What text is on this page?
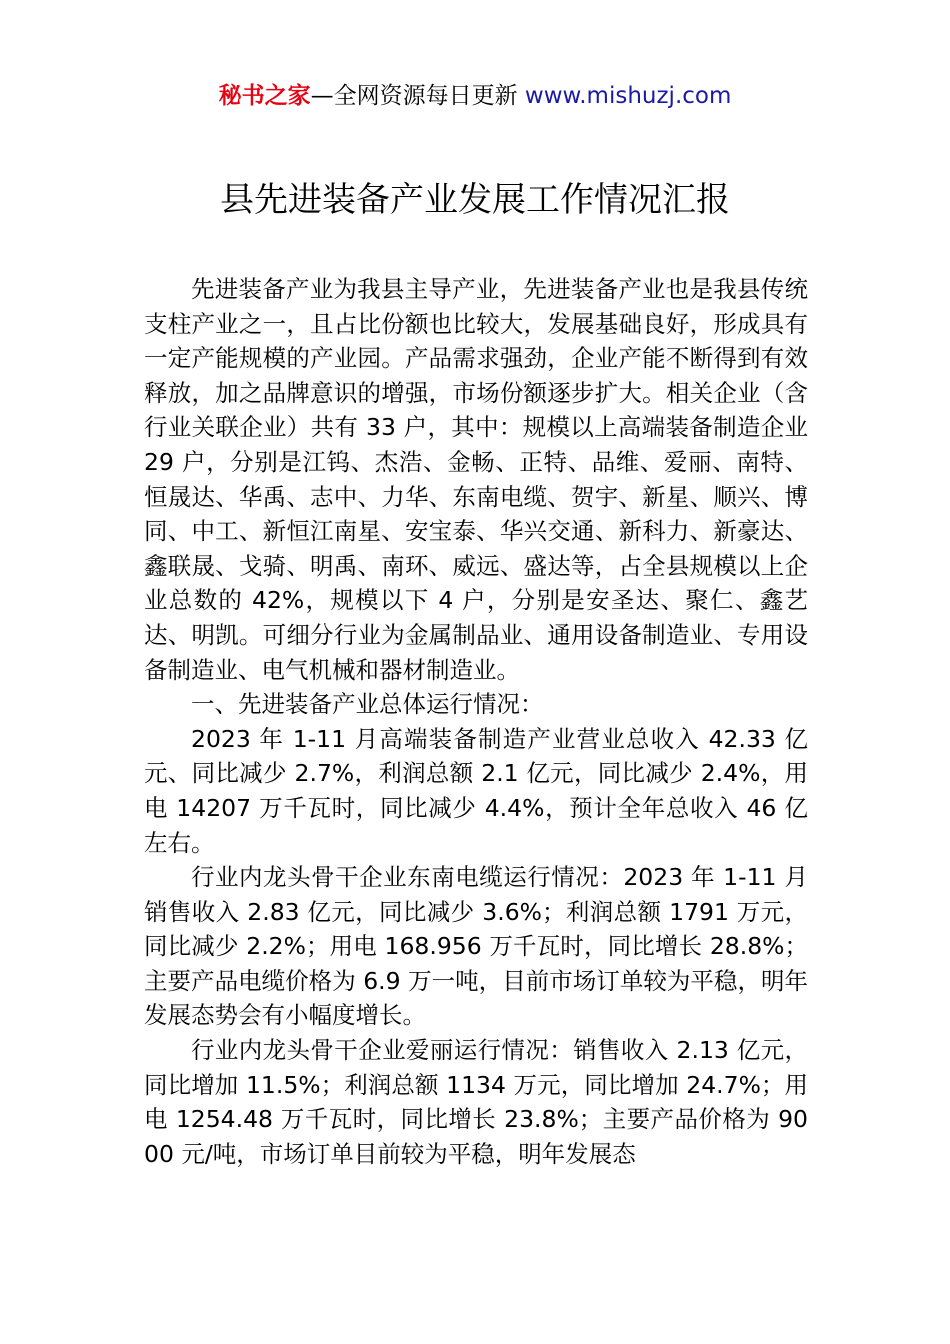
秘书之家—全网资源每日更新 www.mishuzj.com
县先进装备产业发展工作情况汇报

先进装备产业为我县主导产业，先进装备产业也是我县传统支柱产业之一，且占比份额也比较大，发展基础良好，形成具有一定产能规模的产业园。产品需求强劲，企业产能不断得到有效释放，加之品牌意识的增强，市场份额逐步扩大。相关企业（含行业关联企业）共有 33 户，其中：规模以上高端装备制造企业 29 户，分别是江钨、杰浩、金畅、正特、品维、爱丽、南特、恒晟达、华禹、志中、力华、东南电缆、贺宇、新星、顺兴、博同、中工、新恒江南星、安宝泰、华兴交通、新科力、新豪达、鑫联晟、戈骑、明禹、南环、威远、盛达等，占全县规模以上企业总数的 42%，规模以下 4 户，分别是安圣达、聚仁、鑫艺达、明凯。可细分行业为金属制品业、通用设备制造业、专用设备制造业、电气机械和器材制造业。

一、先进装备产业总体运行情况：

2023 年 1-11 月高端装备制造产业营业总收入 42.33 亿元、同比减少 2.7%，利润总额 2.1 亿元，同比减少 2.4%，用电 14207 万千瓦时，同比减少 4.4%，预计全年总收入 46 亿左右。

行业内龙头骨干企业东南电缆运行情况：2023 年 1-11 月销售收入 2.83 亿元，同比减少 3.6%；利润总额 1791 万元，同比减少 2.2%；用电 168.956 万千瓦时，同比增长 28.8%；主要产品电缆价格为 6.9 万一吨，目前市场订单较为平稳，明年发展态势会有小幅度增长。

行业内龙头骨干企业爱丽运行情况：销售收入 2.13 亿元，同比增加 11.5%；利润总额 1134 万元，同比增加 24.7%；用电 1254.48 万千瓦时，同比增长 23.8%；主要产品价格为 9000 元/吨，市场订单目前较为平稳，明年发展态
